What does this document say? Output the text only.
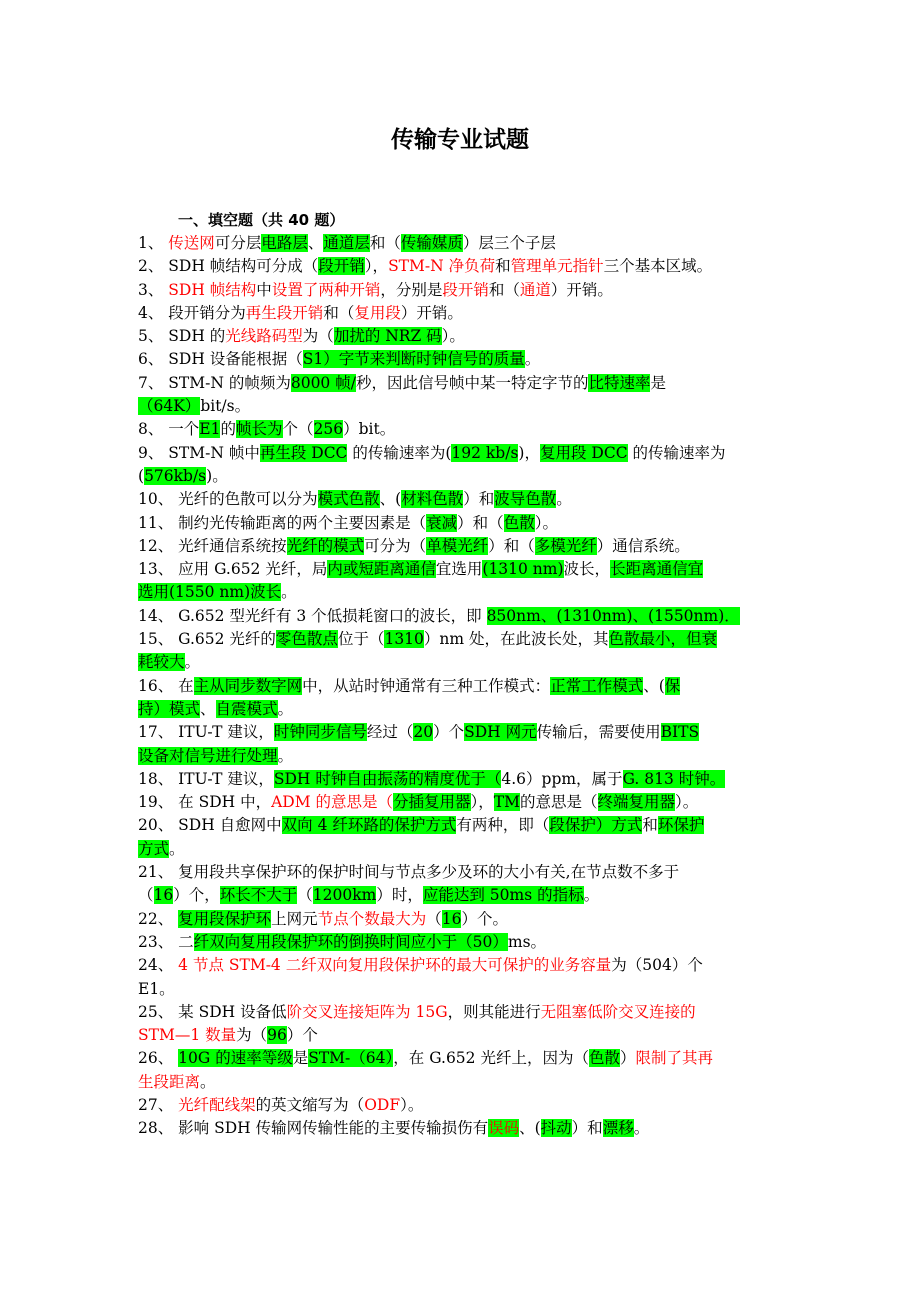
传输专业试题
一、填空题（共 40 题）
1、 传送网可分层电路层、通道层和（传输媒质）层三个子层
2、 SDH 帧结构可分成（段开销），STM-N 净负荷和管理单元指针三个基本区域。
3、 SDH 帧结构中设置了两种开销，分别是段开销和（通道）开销。
4、 段开销分为再生段开销和（复用段）开销。
5、 SDH 的光线路码型为（加扰的 NRZ 码）。
6、 SDH 设备能根据（S1）字节来判断时钟信号的质量。
7、 STM-N 的帧频为8000 帧/秒，因此信号帧中某一特定字节的比特速率是
（64K）bit/s。
8、 一个E1的帧长为个（256）bit。
9、 STM-N 帧中再生段 DCC 的传输速率为(192 kb/s)，复用段 DCC 的传输速率为
(576kb/s)。
10、 光纤的色散可以分为模式色散、(材料色散）和波导色散。
11、 制约光传输距离的两个主要因素是（衰减）和（色散）。
12、 光纤通信系统按光纤的模式可分为（单模光纤）和（多模光纤）通信系统。
13、 应用 G.652 光纤，局内或短距离通信宜选用(1310 nm)波长，长距离通信宜
选用(1550 nm)波长。
14、 G.652 型光纤有 3 个低损耗窗口的波长，即 850nm、(1310nm)、(1550nm)．
15、 G.652 光纤的零色散点位于（1310）nm 处，在此波长处，其色散最小，但衰
耗较大。
16、 在主从同步数字网中，从站时钟通常有三种工作模式：正常工作模式、(保
持）模式、自震模式。
17、 ITU-T 建议，时钟同步信号经过（20）个SDH 网元传输后，需要使用BITS
设备对信号进行处理。
18、 ITU-T 建议，SDH 时钟自由振荡的精度优于（4.6）ppm，属于G. 813 时钟。
19、 在 SDH 中，ADM 的意思是（分插复用器），TM的意思是（终端复用器）。
20、 SDH 自愈网中双向 4 纤环路的保护方式有两种，即（段保护）方式和环保护
方式。
21、 复用段共享保护环的保护时间与节点多少及环的大小有关,在节点数不多于
（16）个，环长不大于（1200km）时，应能达到 50ms 的指标。
22、 复用段保护环上网元节点个数最大为（16）个。
23、 二纤双向复用段保护环的倒换时间应小于（50）ms。
24、 4 节点 STM-4 二纤双向复用段保护环的最大可保护的业务容量为（504）个
E1。
25、 某 SDH 设备低阶交叉连接矩阵为 15G，则其能进行无阻塞低阶交叉连接的
STM—1 数量为（96）个
26、 10G 的速率等级是STM-（64），在 G.652 光纤上，因为（色散）限制了其再
生段距离。
27、 光纤配线架的英文缩写为（ODF）。
28、 影响 SDH 传输网传输性能的主要传输损伤有误码、(抖动）和漂移。
